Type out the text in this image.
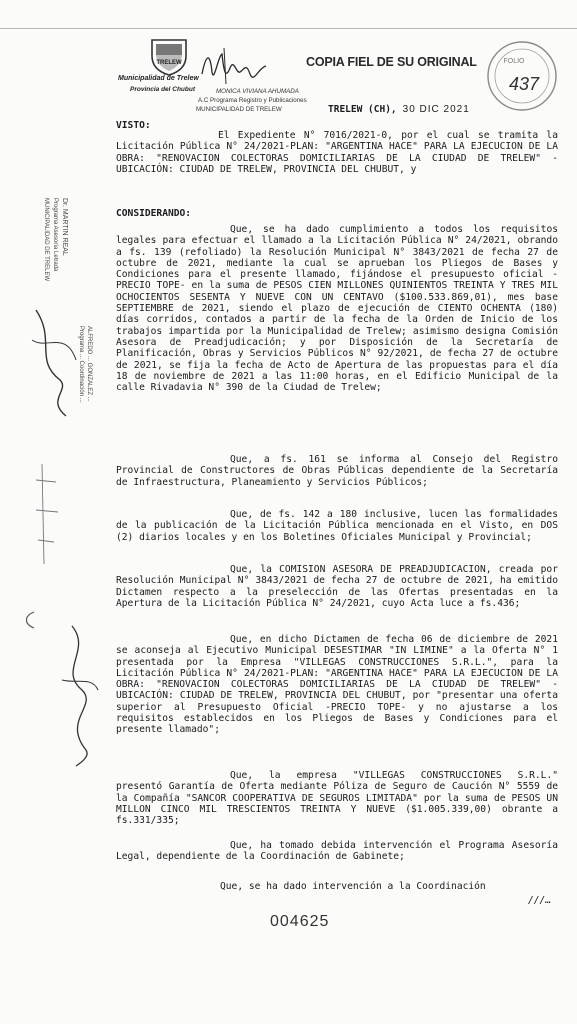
TRELEW
Municipalidad de Trelew
Provincia del Chubut	MONICA VIVIANA AHUMADA
A.C Programa Registro y Publicaciones
MUNICIPALIDAD DE TRELEW
COPIA FIEL DE SU ORIGINAL	FOLIO
437
TRELEW (CH), 30 DIC 2021
Dr. MARTIN REAL
Programa Asesoría Letrada
MUNICIPALIDAD DE TRELEW
ALFREDO ... GONZALEZ ...
Programa ... Coordinación ...
VISTO:
El Expediente N° 7016/2021-0, por el cual se tramita la Licitación Pública N° 24/2021-PLAN: "ARGENTINA HACE" PARA LA EJECUCION DE LA OBRA: "RENOVACION COLECTORAS DOMICILIARIAS DE LA CIUDAD DE TRELEW" - UBICACIÓN: CIUDAD DE TRELEW, PROVINCIA DEL CHUBUT, y
CONSIDERANDO:
Que, se ha dado cumplimiento a todos los requisitos legales para efectuar el llamado a la Licitación Pública N° 24/2021, obrando a fs. 139 (refoliado) la Resolución Municipal N° 3843/2021 de fecha 27 de octubre de 2021, mediante la cual se aprueban los Pliegos de Bases y Condiciones para el presente llamado, fijándose el presupuesto oficial -PRECIO TOPE- en la suma de PESOS CIEN MILLONES QUINIENTOS TREINTA Y TRES MIL OCHOCIENTOS SESENTA Y NUEVE CON UN CENTAVO ($100.533.869,01), mes base SEPTIEMBRE de 2021, siendo el plazo de ejecución de CIENTO OCHENTA (180) días corridos, contados a partir de la fecha de la Orden de Inicio de los trabajos impartida por la Municipalidad de Trelew; asimismo designa Comisión Asesora de Preadjudicación; y por Disposición de la Secretaría de Planificación, Obras y Servicios Públicos N° 92/2021, de fecha 27 de octubre de 2021, se fija la fecha de Acto de Apertura de las propuestas para el día 18 de noviembre de 2021 a las 11:00 horas, en el Edificio Municipal de la calle Rivadavia N° 390 de la Ciudad de Trelew;
Que, a fs. 161 se informa al Consejo del Registro Provincial de Constructores de Obras Públicas dependiente de la Secretaría de Infraestructura, Planeamiento y Servicios Públicos;
Que, de fs. 142 a 180 inclusive, lucen las formalidades de la publicación de la Licitación Pública mencionada en el Visto, en DOS (2) diarios locales y en los Boletines Oficiales Municipal y Provincial;
Que, la COMISION ASESORA DE PREADJUDICACION, creada por Resolución Municipal N° 3843/2021 de fecha 27 de octubre de 2021, ha emitido Dictamen respecto a la preselección de las Ofertas presentadas en la Apertura de la Licitación Pública N° 24/2021, cuyo Acta luce a fs.436;
Que, en dicho Dictamen de fecha 06 de diciembre de 2021 se aconseja al Ejecutivo Municipal DESESTIMAR "IN LIMINE" a la Oferta N° 1 presentada por la Empresa "VILLEGAS CONSTRUCCIONES S.R.L.", para la Licitación Pública N° 24/2021-PLAN: "ARGENTINA HACE" PARA LA EJECUCION DE LA OBRA: "RENOVACION COLECTORAS DOMICILIARIAS DE LA CIUDAD DE TRELEW" - UBICACIÓN: CIUDAD DE TRELEW, PROVINCIA DEL CHUBUT, por "presentar una oferta superior al Presupuesto Oficial -PRECIO TOPE- y no ajustarse a los requisitos establecidos en los Pliegos de Bases y Condiciones para el presente llamado";
Que, la empresa "VILLEGAS CONSTRUCCIONES S.R.L." presentó Garantía de Oferta mediante Póliza de Seguro de Caución N° 5559 de la Compañía "SANCOR COOPERATIVA DE SEGUROS LIMITADA" por la suma de PESOS UN MILLON CINCO MIL TRESCIENTOS TREINTA Y NUEVE ($1.005.339,00) obrante a fs.331/335;
Que, ha tomado debida intervención el Programa Asesoría Legal, dependiente de la Coordinación de Gabinete;
Que, se ha dado intervención a la Coordinación
///…
004625
